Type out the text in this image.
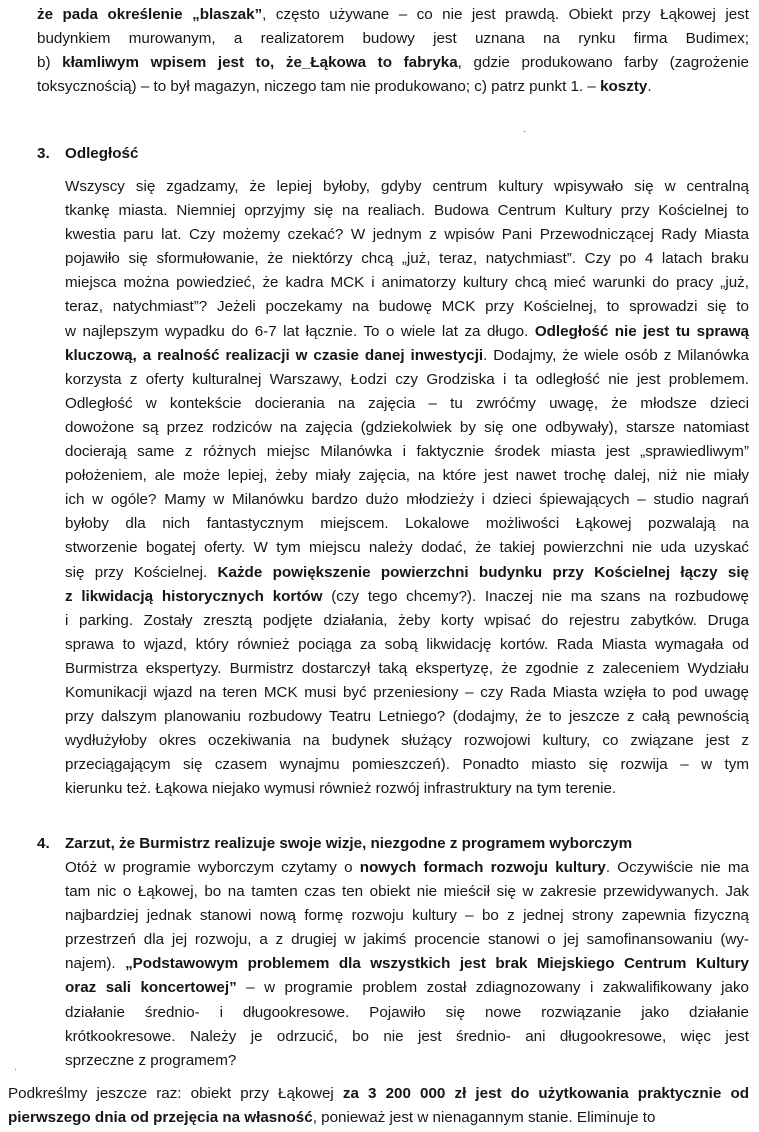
że pada określenie „blaszak”, często używane – co nie jest prawdą. Obiekt przy Łąkowej jest
budynkiem murowanym, a realizatorem budowy jest uznana na rynku firma Budimex;
b) kłamliwym wpisem jest to, że_Łąkowa to fabryka, gdzie produkowano farby (zagrożenie
toksycznością) – to był magazyn, niczego tam nie produkowano; c) patrz punkt 1. – koszty.
3. Odległość
Wszyscy się zgadzamy, że lepiej byłoby, gdyby centrum kultury wpisywało się w centralną
tkankę miasta. Niemniej oprzyjmy się na realiach. Budowa Centrum Kultury przy Kościelnej to
kwestia paru lat. Czy możemy czekać? W jednym z wpisów Pani Przewodniczącej Rady Miasta
pojawiło się sformułowanie, że niektórzy chcą „już, teraz, natychmiast”. Czy po 4 latach braku
miejsca można powiedzieć, że kadra MCK i animatorzy kultury chcą mieć warunki do pracy „już,
teraz, natychmiast”? Jeżeli poczekamy na budowę MCK przy Kościelnej, to sprowadzi się to
w najlepszym wypadku do 6-7 lat łącznie. To o wiele lat za długo. Odległość nie jest tu sprawą
kluczową, a realność realizacji w czasie danej inwestycji. Dodajmy, że wiele osób z Milanówka
korzysta z oferty kulturalnej Warszawy, Łodzi czy Grodziska i ta odległość nie jest problemem.
Odległość w kontekście docierania na zajęcia – tu zwróćmy uwagę, że młodsze dzieci
dowożone są przez rodziców na zajęcia (gdziekolwiek by się one odbywały), starsze natomiast
docierają same z różnych miejsc Milanówka i faktycznie środek miasta jest „sprawiedliwym”
położeniem, ale może lepiej, żeby miały zajęcia, na które jest nawet trochę dalej, niż nie miały
ich w ogóle? Mamy w Milanówku bardzo dużo młodzieży i dzieci śpiewających – studio nagrań
byłoby dla nich fantastycznym miejscem. Lokalowe możliwości Łąkowej pozwalają na
stworzenie bogatej oferty. W tym miejscu należy dodać, że takiej powierzchni nie uda uzyskać
się przy Kościelnej. Każde powiększenie powierzchni budynku przy Kościelnej łączy się
z likwidacją historycznych kortów (czy tego chcemy?). Inaczej nie ma szans na rozbudowę
i parking. Zostały zresztą podjęte działania, żeby korty wpisać do rejestru zabytków. Druga
sprawa to wjazd, który również pociąga za sobą likwidację kortów. Rada Miasta wymagała od
Burmistrza ekspertyzy. Burmistrz dostarczył taką ekspertyzę, że zgodnie z zaleceniem Wydziału
Komunikacji wjazd na teren MCK musi być przeniesiony – czy Rada Miasta wzięła to pod uwagę
przy dalszym planowaniu rozbudowy Teatru Letniego? (dodajmy, że to jeszcze z całą pewnością
wydłużyłoby okres oczekiwania na budynek służący rozwojowi kultury, co związane jest z
przeciągającym się czasem wynajmu pomieszczeń). Ponadto miasto się rozwija – w tym
kierunku też. Łąkowa niejako wymusi również rozwój infrastruktury na tym terenie.
4. Zarzut, że Burmistrz realizuje swoje wizje, niezgodne z programem wyborczym
Otóż w programie wyborczym czytamy o nowych formach rozwoju kultury. Oczywiście nie ma
tam nic o Łąkowej, bo na tamten czas ten obiekt nie mieścił się w zakresie przewidywanych. Jak
najbardziej jednak stanowi nową formę rozwoju kultury – bo z jednej strony zapewnia fizyczną
przestrzeń dla jej rozwoju, a z drugiej w jakimś procencie stanowi o jej samofinansowaniu (wy-
najem). „Podstawowym problemem dla wszystkich jest brak Miejskiego Centrum Kultury
oraz sali koncertowej” – w programie problem został zdiagnozowany i zakwalifikowany jako
działanie średnio- i długookresowe. Pojawiło się nowe rozwiązanie jako działanie
krótkookresowe. Należy je odrzucić, bo nie jest średnio- ani długookresowe, więc jest
sprzeczne z programem?
Podkreślmy jeszcze raz: obiekt przy Łąkowej za 3 200 000 zł jest do użytkowania praktycznie od
pierwszego dnia od przejęcia na własność, ponieważ jest w nienagannym stanie. Eliminuje to
·
˒
